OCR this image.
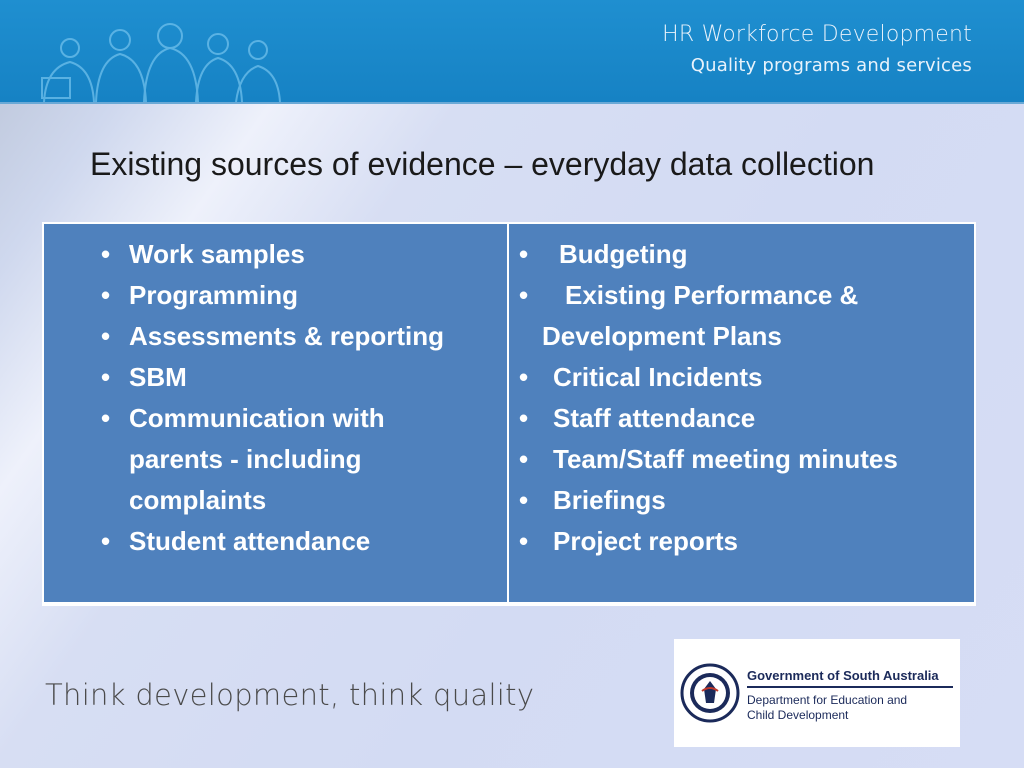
HR Workforce Development
Quality programs and services
Existing sources of evidence – everyday data collection
• Work samples
• Programming
• Assessments & reporting
• SBM
• Communication with
parents - including
complaints
• Student attendance
• Budgeting
• Existing Performance &
Development Plans
• Critical Incidents
• Staff attendance
• Team/Staff meeting minutes
• Briefings
• Project reports
Think development, think quality
Government of South Australia
Department for Education and
Child Development
